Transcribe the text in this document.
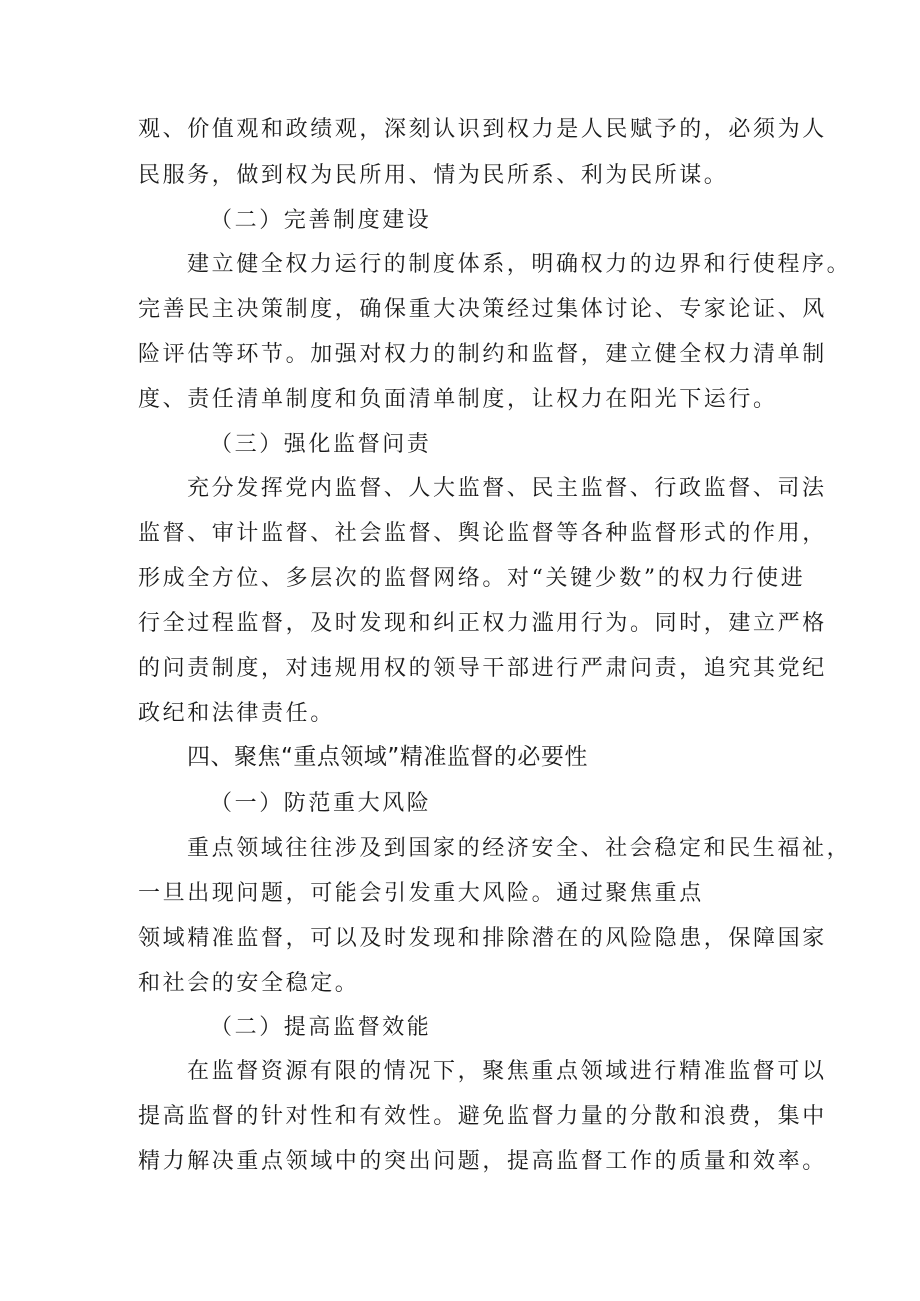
观、价值观和政绩观，深刻认识到权力是人民赋予的，必须为人
民服务，做到权为民所用、情为民所系、利为民所谋。
（二）完善制度建设
建立健全权力运行的制度体系，明确权力的边界和行使程序。
完善民主决策制度，确保重大决策经过集体讨论、专家论证、风
险评估等环节。加强对权力的制约和监督，建立健全权力清单制
度、责任清单制度和负面清单制度，让权力在阳光下运行。
（三）强化监督问责
充分发挥党内监督、人大监督、民主监督、行政监督、司法
监督、审计监督、社会监督、舆论监督等各种监督形式的作用，
形成全方位、多层次的监督网络。对“关键少数”的权力行使进
行全过程监督，及时发现和纠正权力滥用行为。同时，建立严格
的问责制度，对违规用权的领导干部进行严肃问责，追究其党纪
政纪和法律责任。
四、聚焦“重点领域”精准监督的必要性
（一）防范重大风险
重点领域往往涉及到国家的经济安全、社会稳定和民生福祉，
一旦出现问题，可能会引发重大风险。通过聚焦重点
领域精准监督，可以及时发现和排除潜在的风险隐患，保障国家
和社会的安全稳定。
（二）提高监督效能
在监督资源有限的情况下，聚焦重点领域进行精准监督可以
提高监督的针对性和有效性。避免监督力量的分散和浪费，集中
精力解决重点领域中的突出问题，提高监督工作的质量和效率。
